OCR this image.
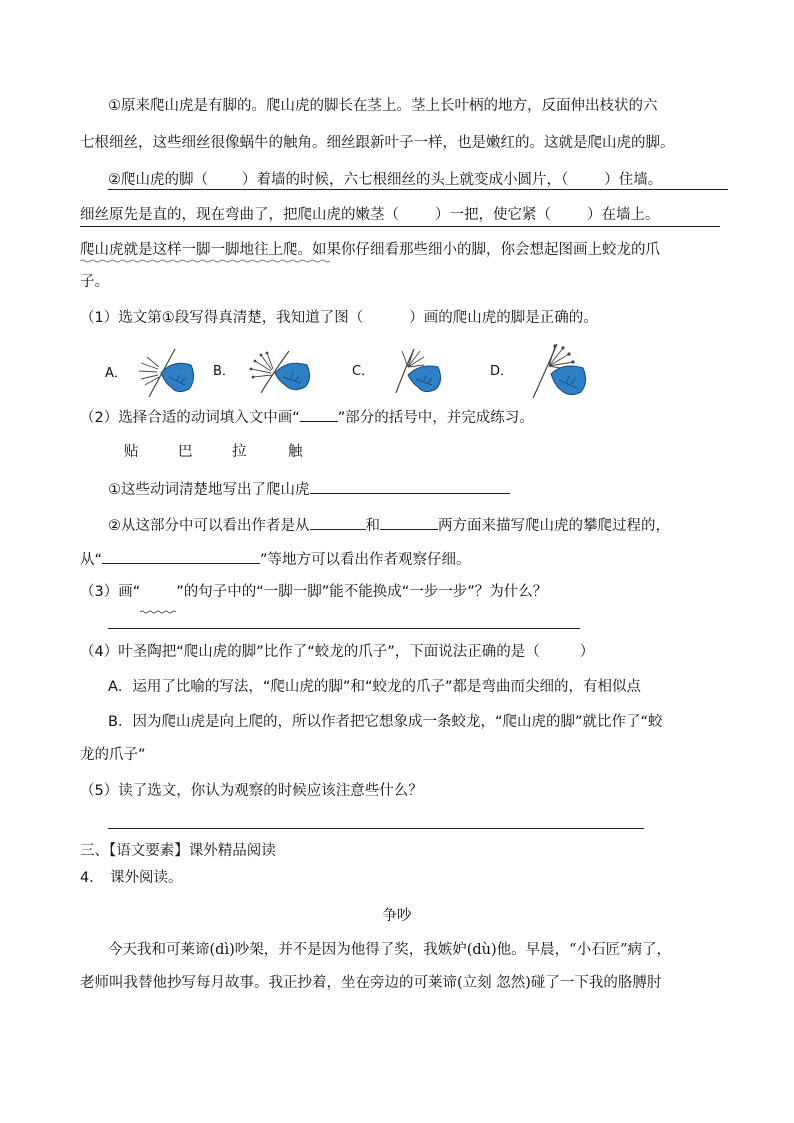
①原来爬山虎是有脚的。爬山虎的脚长在茎上。茎上长叶柄的地方，反面伸出枝状的六
七根细丝，这些细丝很像蜗牛的触角。细丝跟新叶子一样，也是嫩红的。这就是爬山虎的脚。
②爬山虎的脚（ ）着墙的时候，六七根细丝的头上就变成小圆片，（ ）住墙。
细丝原先是直的，现在弯曲了，把爬山虎的嫩茎（ ）一把，使它紧（ ）在墙上。
爬山虎就是这样一脚一脚地往上爬。如果你仔细看那些细小的脚，你会想起图画上蛟龙的爪
子。
（1）选文第①段写得真清楚，我知道了图（	）画的爬山虎的脚是正确的。
A．	B．	C．	D．
（2）选择合适的动词填入文中画“	”部分的括号中，并完成练习。
贴	巴	拉	触
①这些动词清楚地写出了爬山虎
②从这部分中可以看出作者是从	和	两方面来描写爬山虎的攀爬过程的，
从“	”等地方可以看出作者观察仔细。
（3）画“ ”的句子中的“一脚一脚”能不能换成“一步一步”？为什么？
（4）叶圣陶把“爬山虎的脚”比作了“蛟龙的爪子”，下面说法正确的是（	）
A．运用了比喻的写法，“爬山虎的脚”和“蛟龙的爪子”都是弯曲而尖细的，有相似点
B．因为爬山虎是向上爬的，所以作者把它想象成一条蛟龙，“爬山虎的脚”就比作了“蛟
龙的爪子”
（5）读了选文，你认为观察的时候应该注意些什么？
三、【语文要素】课外精品阅读
4． 课外阅读。
争吵
今天我和可莱谛(dì)吵架，并不是因为他得了奖，我嫉妒(dù)他。早晨，“小石匠”病了，
老师叫我替他抄写每月故事。我正抄着，坐在旁边的可莱谛(立刻 忽然)碰了一下我的胳膊肘
